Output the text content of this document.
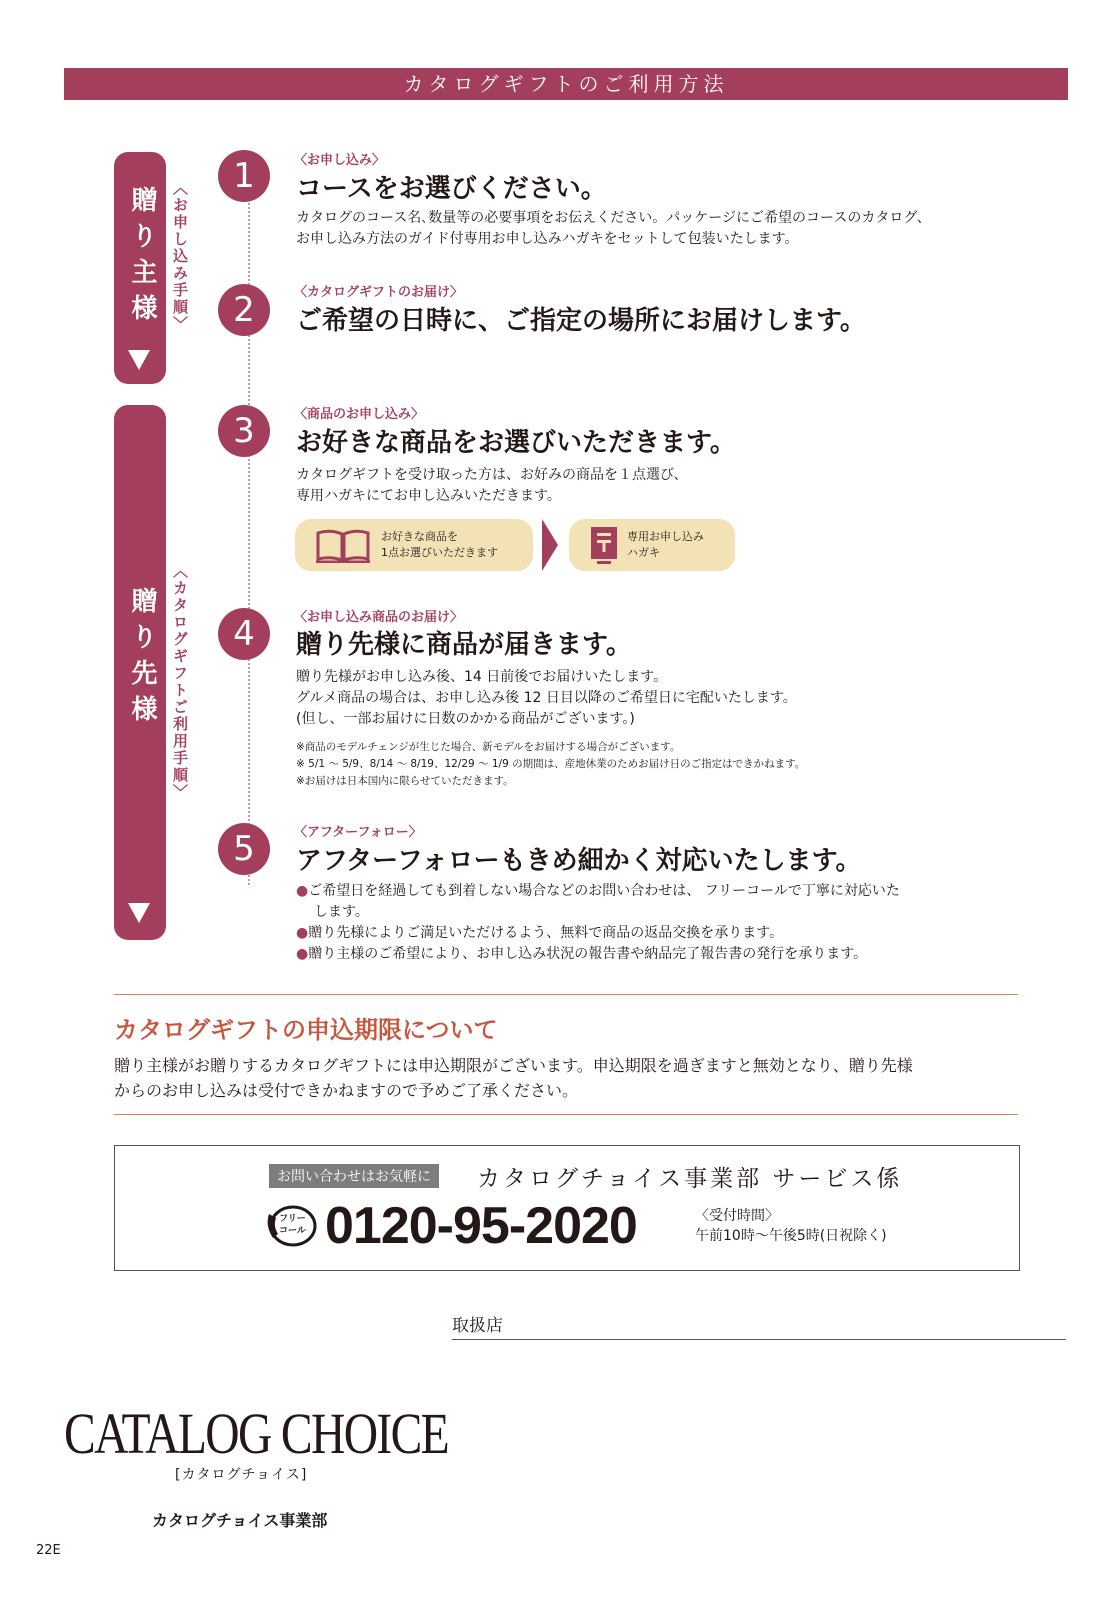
カタログギフトのご利用方法
贈り主様 〈お申し込み手順〉
贈り先様 〈カタログギフトご利用手順〉
1	〈お申し込み〉
コースをお選びください。
カタログのコース名､数量等の必要事項をお伝えください。パッケージにご希望のコースのカタログ、
お申し込み方法のガイド付専用お申し込みハガキをセットして包装いたします。
2	〈カタログギフトのお届け〉
ご希望の日時に、ご指定の場所にお届けします。
3	〈商品のお申し込み〉
お好きな商品をお選びいただきます。
カタログギフトを受け取った方は、お好みの商品を１点選び、
専用ハガキにてお申し込みいただきます。
お好きな商品を
1点お選びいただきます
専用お申し込み
ハガキ
4	〈お申し込み商品のお届け〉
贈り先様に商品が届きます。
贈り先様がお申し込み後、14 日前後でお届けいたします。
グルメ商品の場合は、お申し込み後 12 日目以降のご希望日に宅配いたします。
(但し、一部お届けに日数のかかる商品がございます。)
※商品のモデルチェンジが生じた場合、新モデルをお届けする場合がございます。
※ 5/1 〜 5/9、8/14 〜 8/19、12/29 〜 1/9 の期間は、産地休業のためお届け日のご指定はできかねます。
※お届けは日本国内に限らせていただきます。
5	〈アフターフォロー〉
アフターフォローもきめ細かく対応いたします。
●ご希望日を経過しても到着しない場合などのお問い合わせは、 フリーコールで丁寧に対応いた
します。
●贈り先様によりご満足いただけるよう、無料で商品の返品交換を承ります。
●贈り主様のご希望により、お申し込み状況の報告書や納品完了報告書の発行を承ります。
カタログギフトの申込期限について
贈り主様がお贈りするカタログギフトには申込期限がございます。申込期限を過ぎますと無効となり、贈り先様
からのお申し込みは受付できかねますので予めご了承ください。
お問い合わせはお気軽に	カタログチョイス事業部 サービス係
フリー
コール 0120-95-2020	〈受付時間〉
午前10時〜午後5時(日祝除く)
取扱店
CATALOG CHOICE
[カタログチョイス]
カタログチョイス事業部
22E
